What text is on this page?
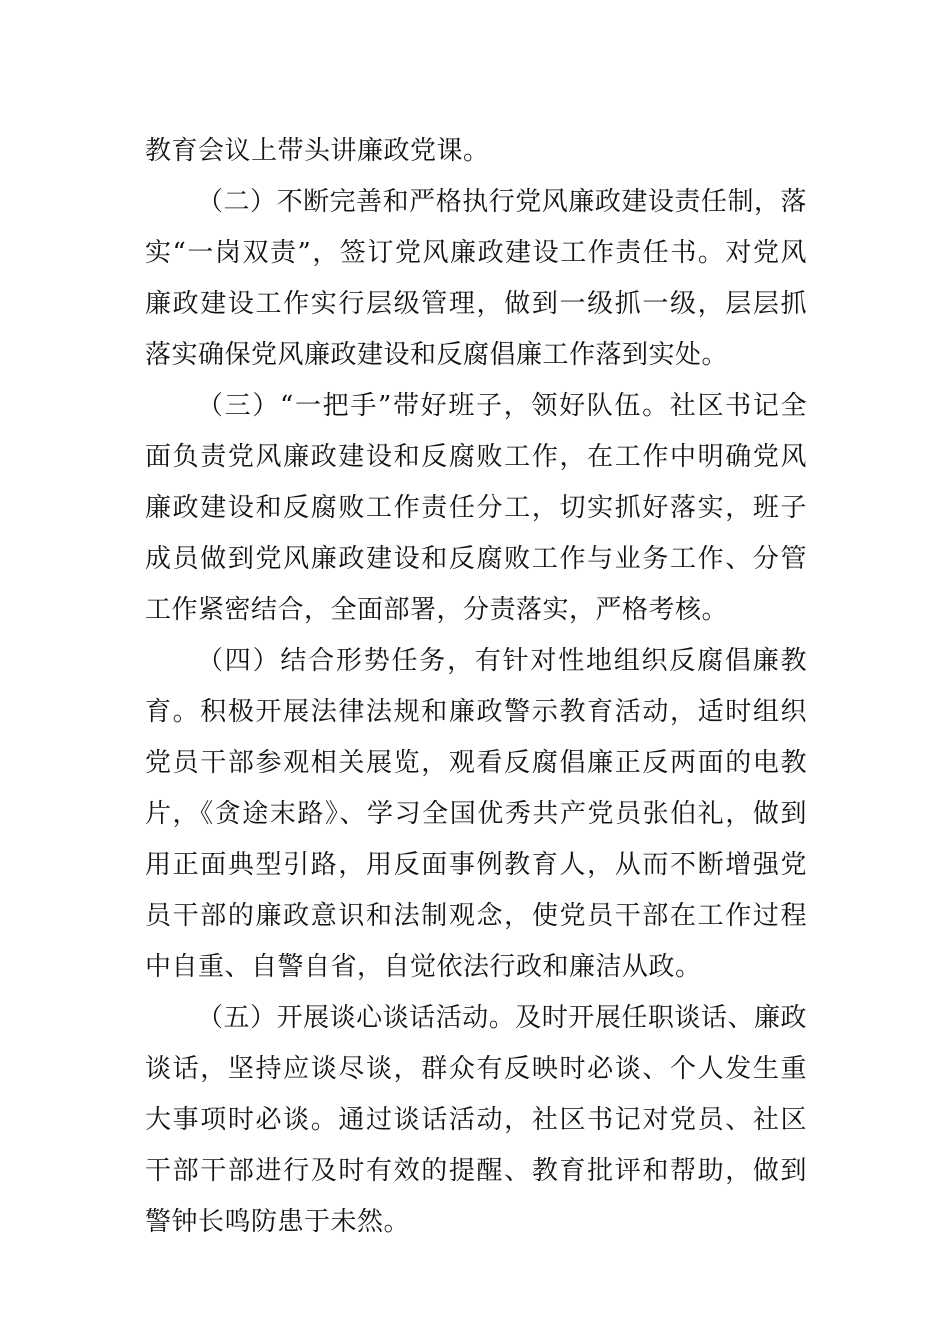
教育会议上带头讲廉政党课。

（二）不断完善和严格执行党风廉政建设责任制，落实“一岗双责”，签订党风廉政建设工作责任书。对党风廉政建设工作实行层级管理，做到一级抓一级，层层抓落实确保党风廉政建设和反腐倡廉工作落到实处。

（三）“一把手”带好班子，领好队伍。社区书记全面负责党风廉政建设和反腐败工作，在工作中明确党风廉政建设和反腐败工作责任分工，切实抓好落实，班子成员做到党风廉政建设和反腐败工作与业务工作、分管工作紧密结合，全面部署，分责落实，严格考核。

（四）结合形势任务，有针对性地组织反腐倡廉教育。积极开展法律法规和廉政警示教育活动，适时组织党员干部参观相关展览，观看反腐倡廉正反两面的电教片，《贪途末路》、学习全国优秀共产党员张伯礼，做到用正面典型引路，用反面事例教育人，从而不断增强党员干部的廉政意识和法制观念，使党员干部在工作过程中自重、自警自省，自觉依法行政和廉洁从政。

（五）开展谈心谈话活动。及时开展任职谈话、廉政谈话，坚持应谈尽谈，群众有反映时必谈、个人发生重大事项时必谈。通过谈话活动，社区书记对党员、社区干部干部进行及时有效的提醒、教育批评和帮助，做到警钟长鸣防患于未然。
